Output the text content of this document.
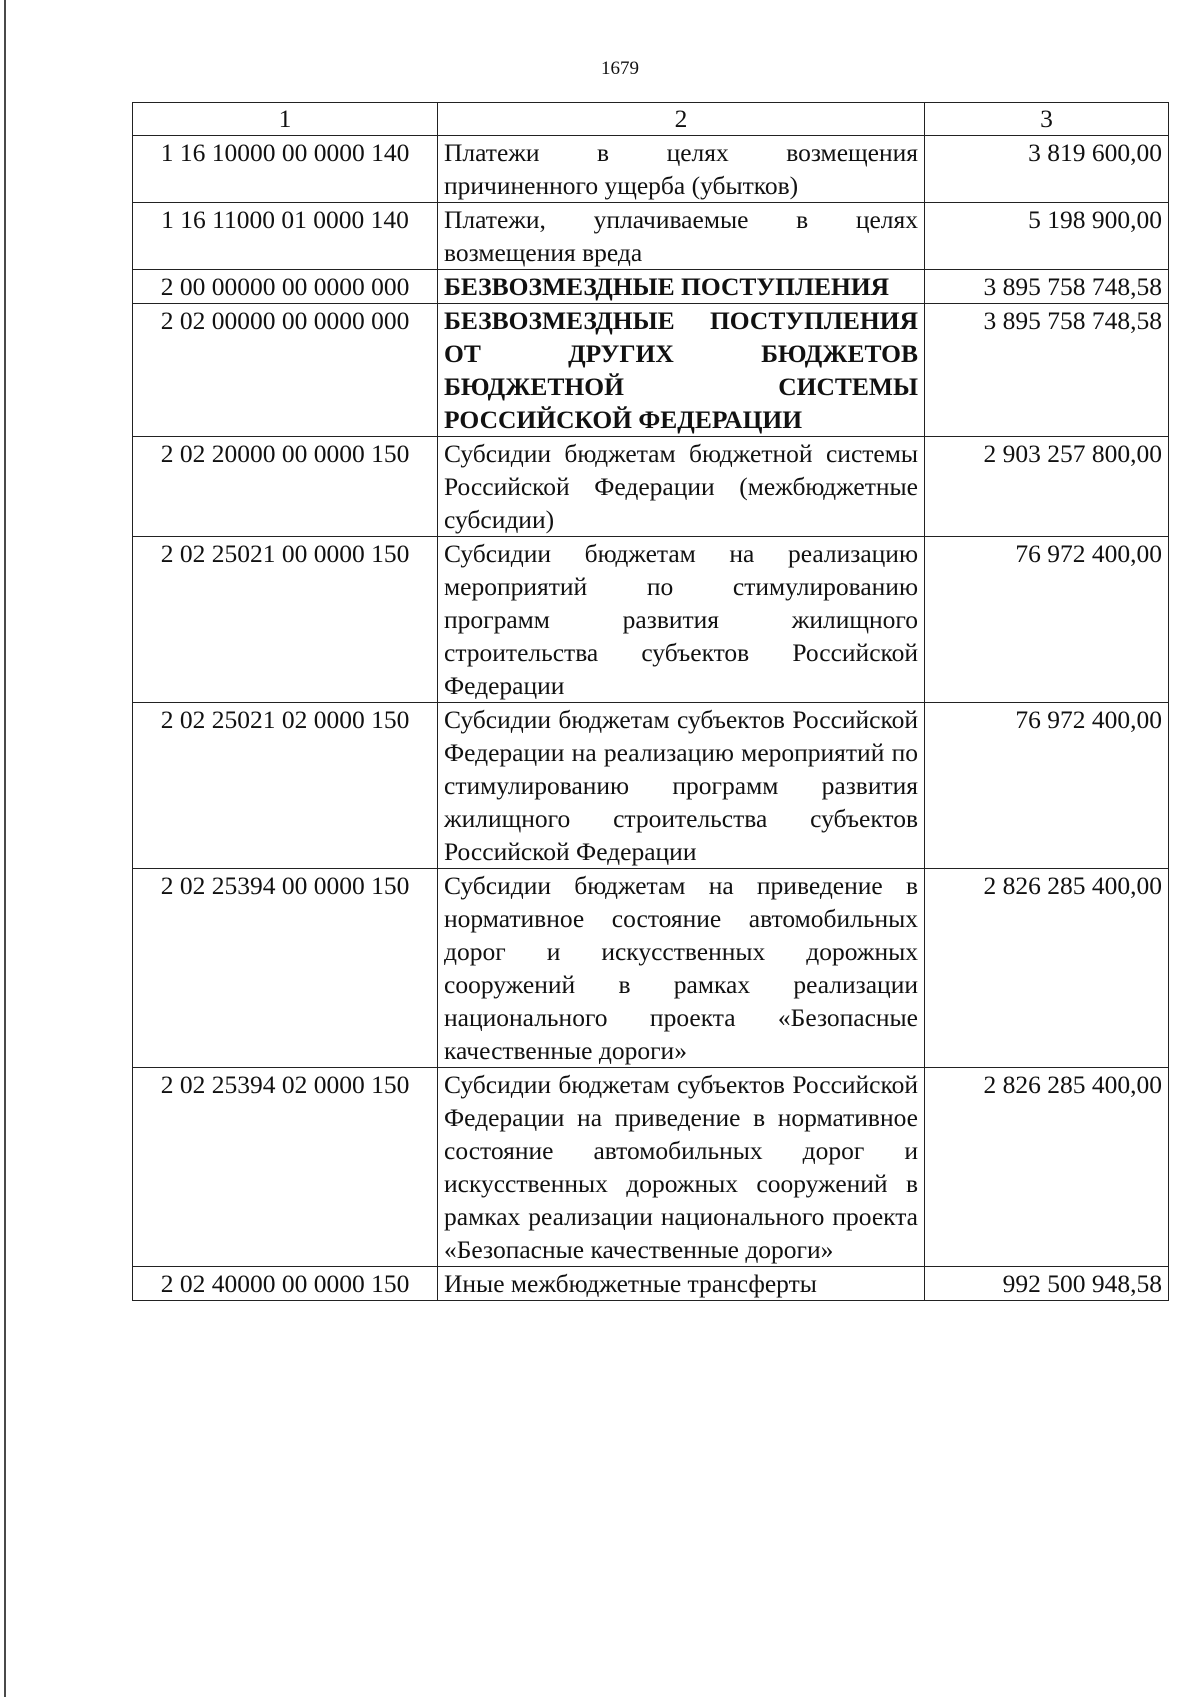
1679
1	2	3
1 16 10000 00 0000 140	Платежи в целях возмещения причиненного ущерба (убытков)	3 819 600,00
1 16 11000 01 0000 140	Платежи, уплачиваемые в целях возмещения вреда	5 198 900,00
2 00 00000 00 0000 000	БЕЗВОЗМЕЗДНЫЕ ПОСТУПЛЕНИЯ	3 895 758 748,58
2 02 00000 00 0000 000	БЕЗВОЗМЕЗДНЫЕ ПОСТУПЛЕНИЯ ОТ ДРУГИХ БЮДЖЕТОВ БЮДЖЕТНОЙ СИСТЕМЫ РОССИЙСКОЙ ФЕДЕРАЦИИ	3 895 758 748,58
2 02 20000 00 0000 150	Субсидии бюджетам бюджетной системы Российской Федерации (межбюджетные субсидии)	2 903 257 800,00
2 02 25021 00 0000 150	Субсидии бюджетам на реализацию мероприятий по стимулированию программ развития жилищного строительства субъектов Российской Федерации	76 972 400,00
2 02 25021 02 0000 150	Субсидии бюджетам субъектов Российской Федерации на реализацию мероприятий по стимулированию программ развития жилищного строительства субъектов Российской Федерации	76 972 400,00
2 02 25394 00 0000 150	Субсидии бюджетам на приведение в нормативное состояние автомобильных дорог и искусственных дорожных сооружений в рамках реализации национального проекта «Безопасные качественные дороги»	2 826 285 400,00
2 02 25394 02 0000 150	Субсидии бюджетам субъектов Российской Федерации на приведение в нормативное состояние автомобильных дорог и искусственных дорожных сооружений в рамках реализации национального проекта «Безопасные качественные дороги»	2 826 285 400,00
2 02 40000 00 0000 150	Иные межбюджетные трансферты	992 500 948,58
